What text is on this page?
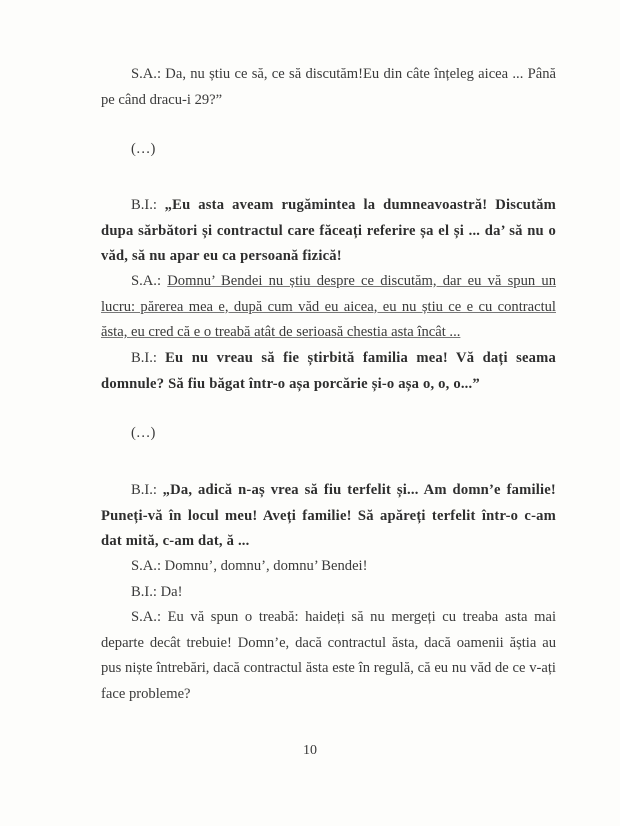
S.A.: Da, nu știu ce să, ce să discutăm!Eu din câte înțeleg aicea ... Până pe când dracu-i 29?”

(…)

B.I.: „Eu asta aveam rugămintea la dumneavoastră! Discutăm dupa sărbători și contractul care făceați referire șa el și ... da’ să nu o văd, să nu apar eu ca persoană fizică!

S.A.: Domnu’ Bendei nu știu despre ce discutăm, dar eu vă spun un lucru: părerea mea e, după cum văd eu aicea, eu nu știu ce e cu contractul ăsta, eu cred că e o treabă atât de serioasă chestia asta încât ...

B.I.: Eu nu vreau să fie știrbită familia mea! Vă dați seama domnule? Să fiu băgat într-o așa porcărie și-o așa o, o, o...”

(…)

B.I.: „Da, adică n-aș vrea să fiu terfelit și... Am domn’e familie! Puneți-vă în locul meu! Aveți familie! Să apăreți terfelit într-o c-am dat mită, c-am dat, ă ...

S.A.: Domnu’, domnu’, domnu’ Bendei!

B.I.: Da!

S.A.: Eu vă spun o treabă: haideți să nu mergeți cu treaba asta mai departe decât trebuie! Domn’e, dacă contractul ăsta, dacă oamenii ăștia au pus niște întrebări, dacă contractul ăsta este în regulă, că eu nu văd de ce v-ați face probleme?

10
